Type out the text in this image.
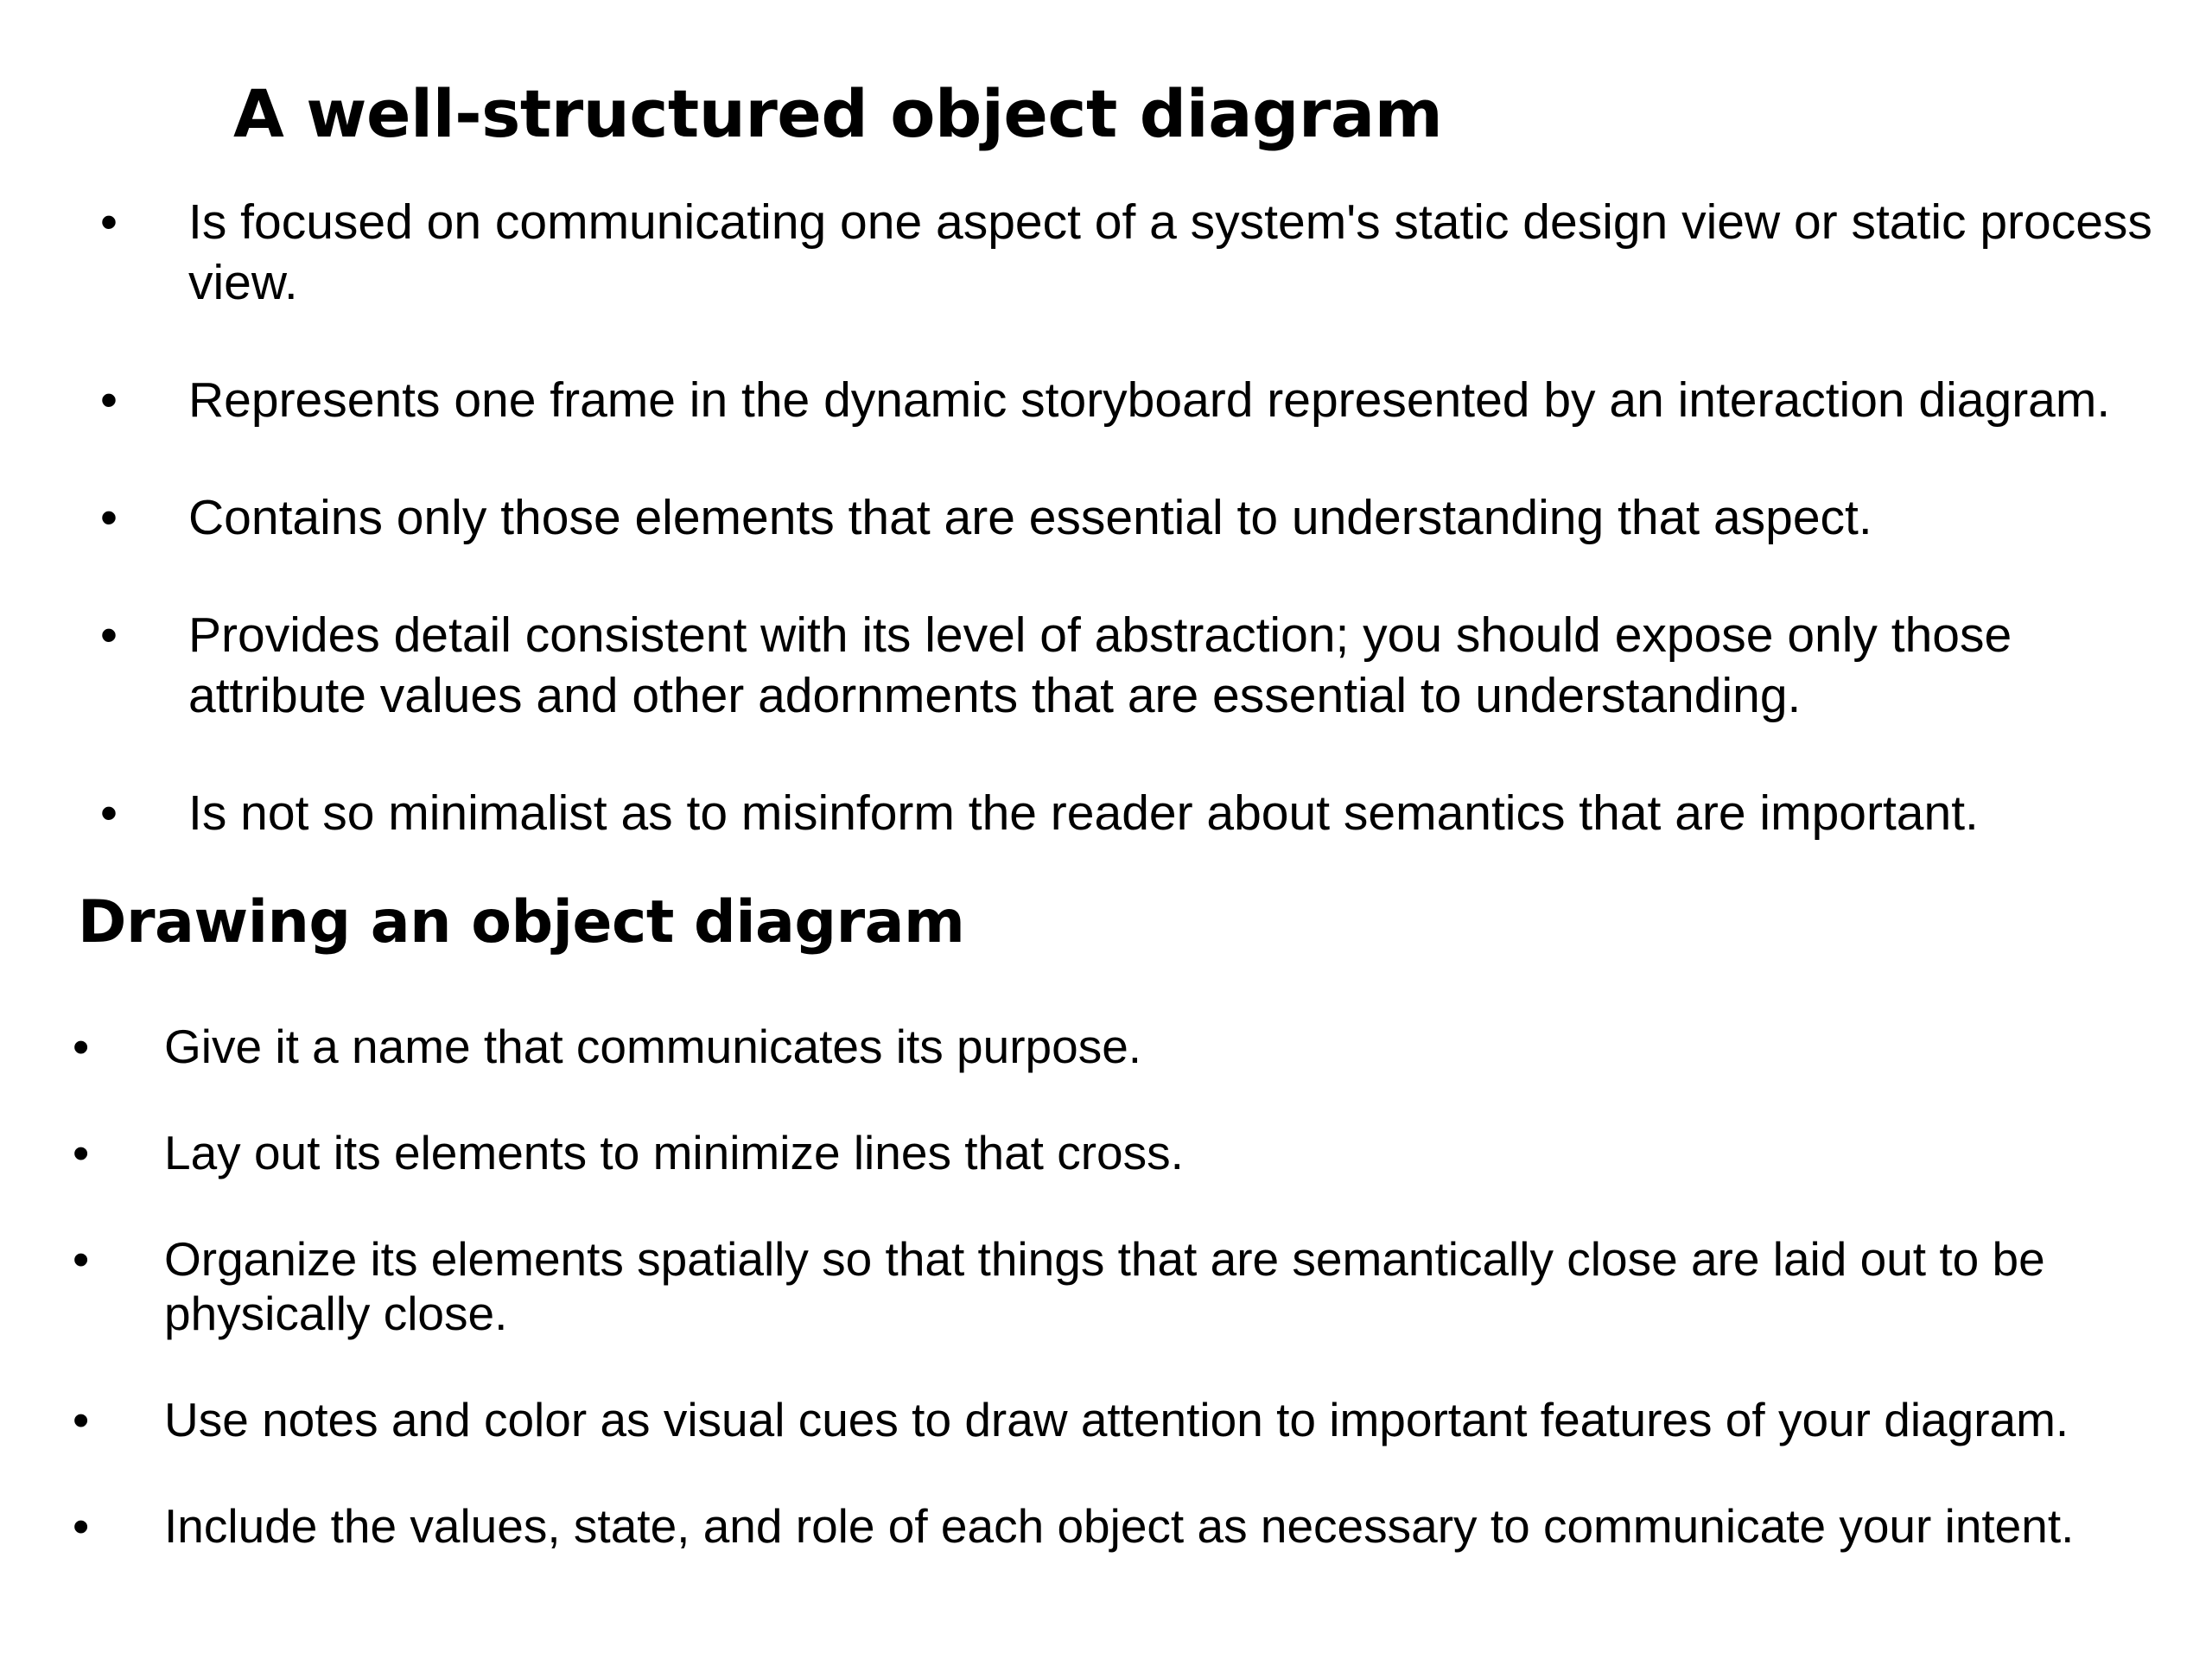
A well-structured object diagram
• Is focused on communicating one aspect of a system's static design view or static process view.
• Represents one frame in the dynamic storyboard represented by an interaction diagram.
• Contains only those elements that are essential to understanding that aspect.
• Provides detail consistent with its level of abstraction; you should expose only those attribute values and other adornments that are essential to understanding.
• Is not so minimalist as to misinform the reader about semantics that are important.
Drawing an object diagram
• Give it a name that communicates its purpose.
• Lay out its elements to minimize lines that cross.
• Organize its elements spatially so that things that are semantically close are laid out to be physically close.
• Use notes and color as visual cues to draw attention to important features of your diagram.
• Include the values, state, and role of each object as necessary to communicate your intent.
